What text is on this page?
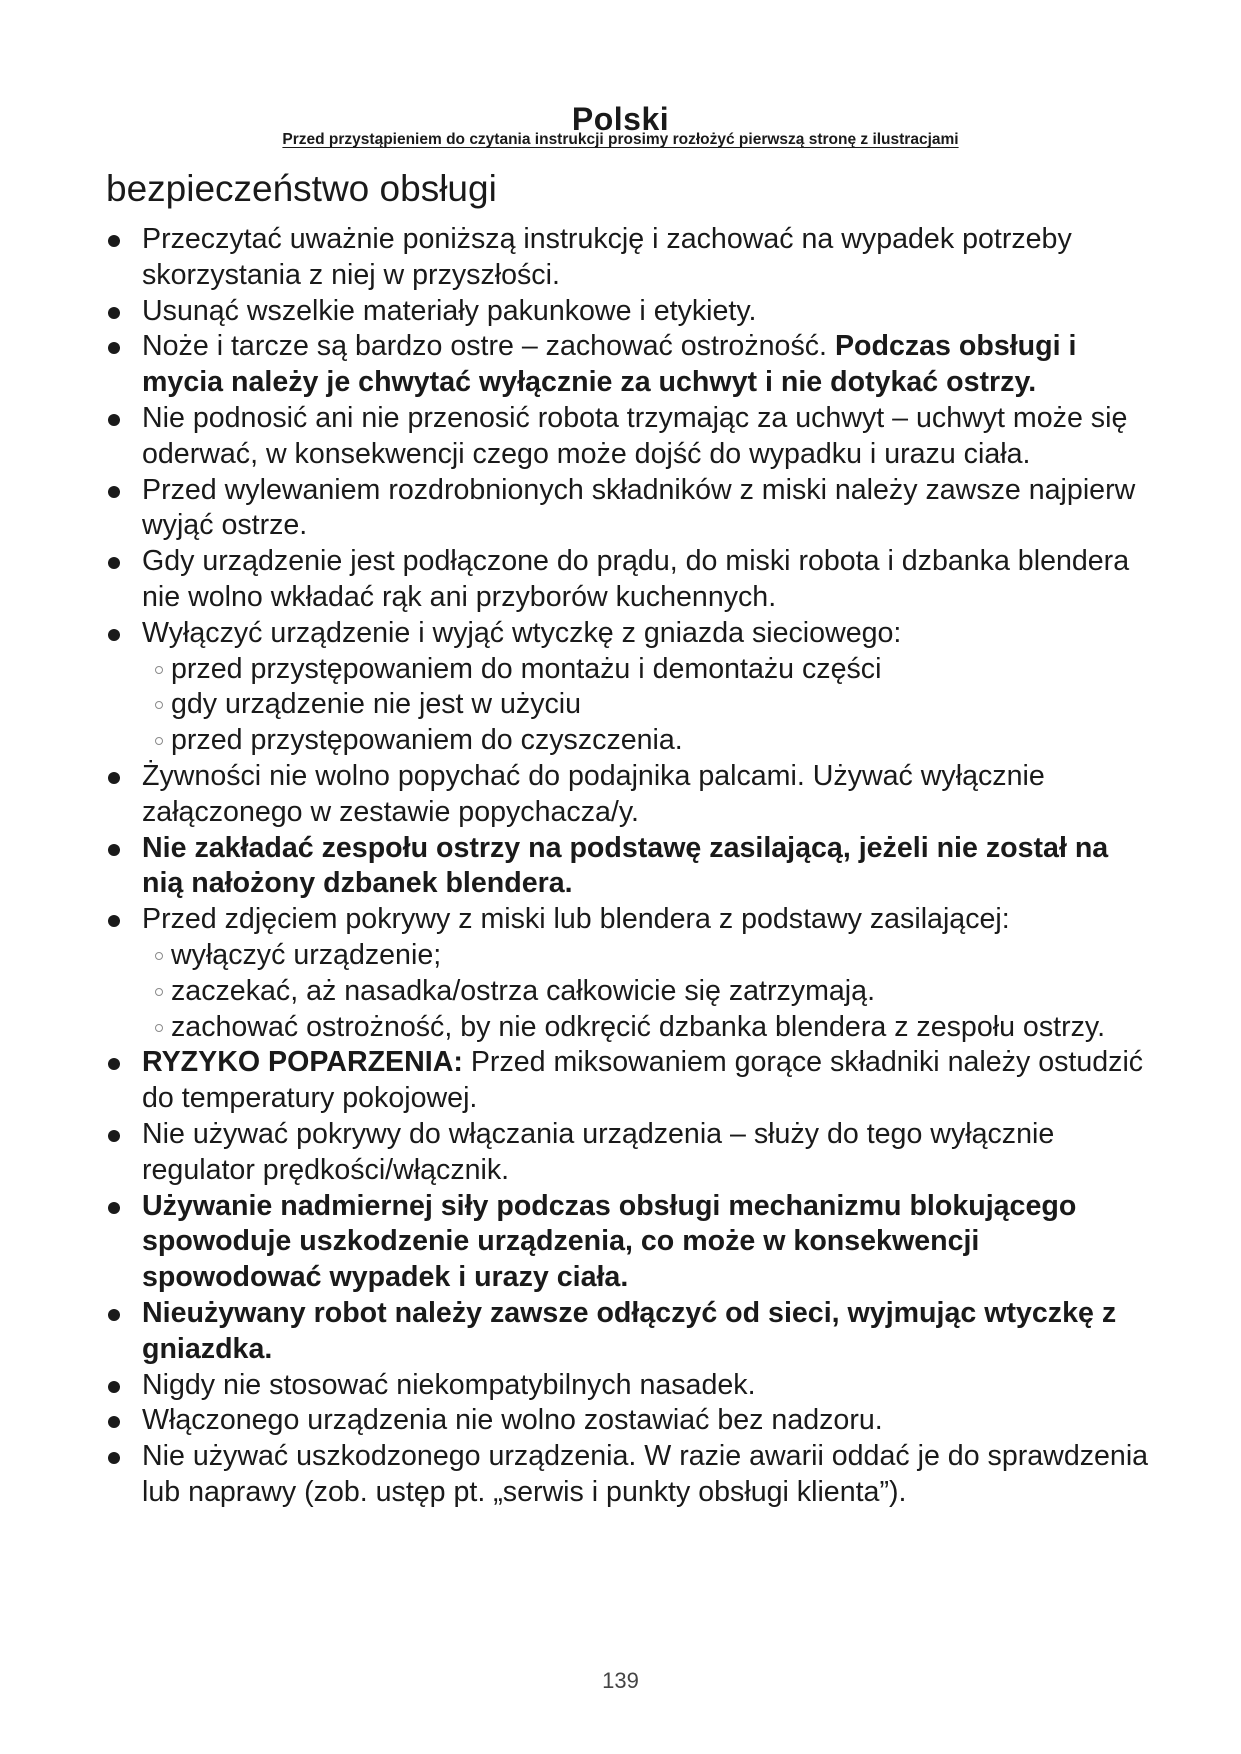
Polski
Przed przystąpieniem do czytania instrukcji prosimy rozłożyć pierwszą stronę z ilustracjami
bezpieczeństwo obsługi
Przeczytać uważnie poniższą instrukcję i zachować na wypadek potrzeby skorzystania z niej w przyszłości.
Usunąć wszelkie materiały pakunkowe i etykiety.
Noże i tarcze są bardzo ostre – zachować ostrożność. Podczas obsługi i mycia należy je chwytać wyłącznie za uchwyt i nie dotykać ostrzy.
Nie podnosić ani nie przenosić robota trzymając za uchwyt – uchwyt może się oderwać, w konsekwencji czego może dojść do wypadku i urazu ciała.
Przed wylewaniem rozdrobnionych składników z miski należy zawsze najpierw wyjąć ostrze.
Gdy urządzenie jest podłączone do prądu, do miski robota i dzbanka blendera nie wolno wkładać rąk ani przyborów kuchennych.
Wyłączyć urządzenie i wyjąć wtyczkę z gniazda sieciowego:
przed przystępowaniem do montażu i demontażu części
gdy urządzenie nie jest w użyciu
przed przystępowaniem do czyszczenia.
Żywności nie wolno popychać do podajnika palcami. Używać wyłącznie załączonego w zestawie popychacza/y.
Nie zakładać zespołu ostrzy na podstawę zasilającą, jeżeli nie został na nią nałożony dzbanek blendera.
Przed zdjęciem pokrywy z miski lub blendera z podstawy zasilającej:
wyłączyć urządzenie;
zaczekać, aż nasadka/ostrza całkowicie się zatrzymają.
zachować ostrożność, by nie odkręcić dzbanka blendera z zespołu ostrzy.
RYZYKO POPARZENIA: Przed miksowaniem gorące składniki należy ostudzić do temperatury pokojowej.
Nie używać pokrywy do włączania urządzenia – służy do tego wyłącznie regulator prędkości/włącznik.
Używanie nadmiernej siły podczas obsługi mechanizmu blokującego spowoduje uszkodzenie urządzenia, co może w konsekwencji spowodować wypadek i urazy ciała.
Nieużywany robot należy zawsze odłączyć od sieci, wyjmując wtyczkę z gniazdka.
Nigdy nie stosować niekompatybilnych nasadek.
Włączonego urządzenia nie wolno zostawiać bez nadzoru.
Nie używać uszkodzonego urządzenia. W razie awarii oddać je do sprawdzenia lub naprawy (zob. ustęp pt. „serwis i punkty obsługi klienta”).
139
